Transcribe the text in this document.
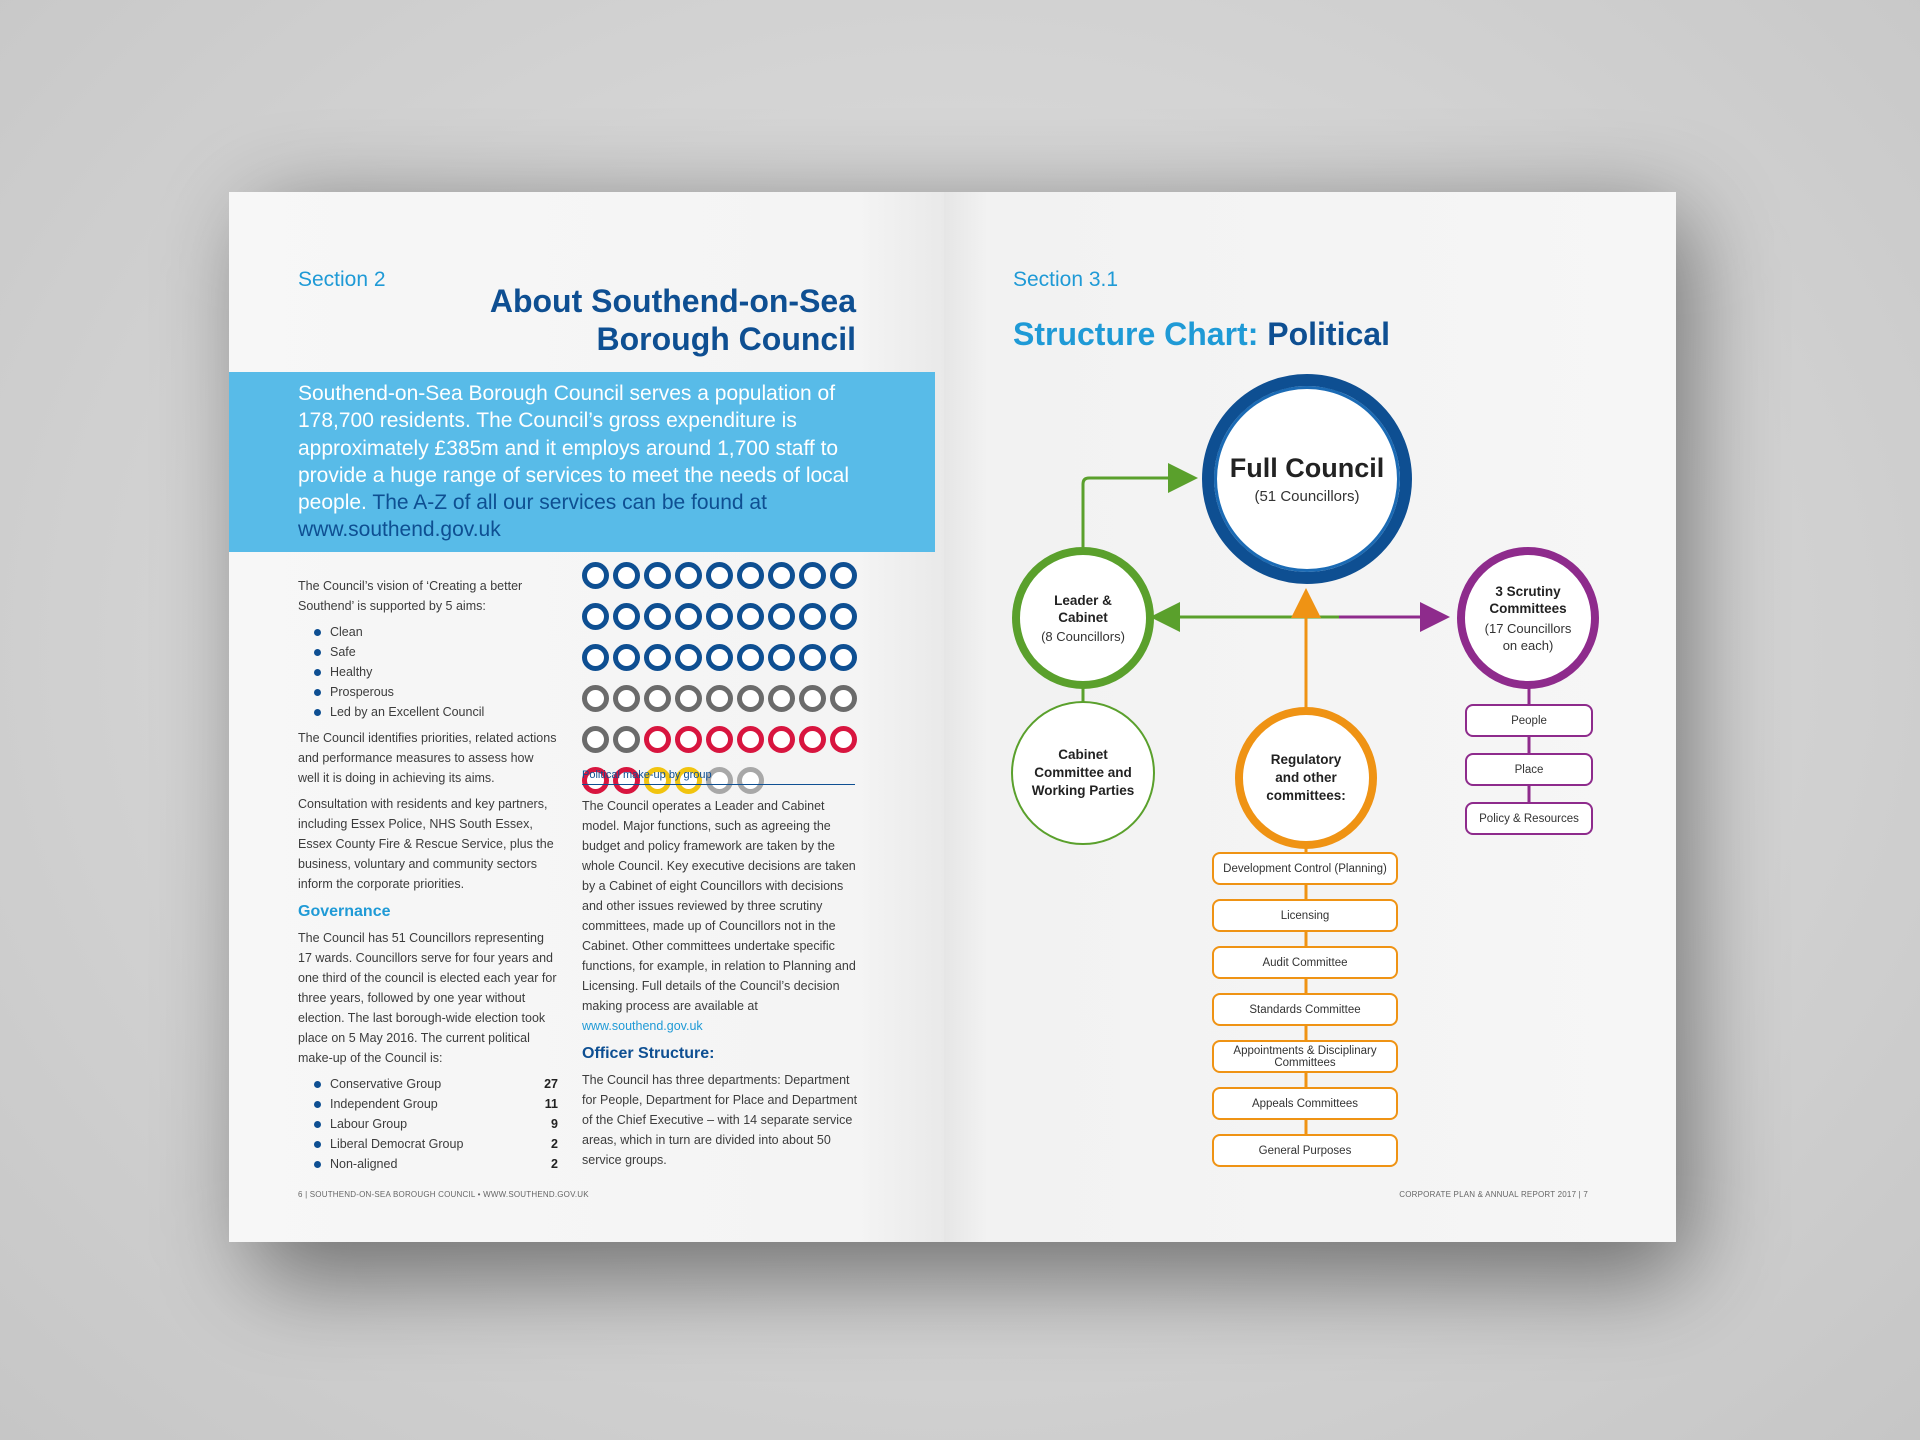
Section 2
About Southend-on-Sea
Borough Council
Southend-on-Sea Borough Council serves a population of 178,700 residents. The Council’s gross expenditure is approximately £385m and it employs around 1,700 staff to provide a huge range of services to meet the needs of local people. The A-Z of all our services can be found at www.southend.gov.uk

The Council’s vision of ‘Creating a better Southend’ is supported by 5 aims:

Clean
Safe
Healthy
Prosperous
Led by an Excellent Council

The Council identifies priorities, related actions and performance measures to assess how well it is doing in achieving its aims.

Consultation with residents and key partners, including Essex Police, NHS South Essex, Essex County Fire & Rescue Service, plus the business, voluntary and community sectors inform the corporate priorities.

Governance

The Council has 51 Councillors representing 17 wards. Councillors serve for four years and one third of the council is elected each year for three years, followed by one year without election. The last borough-wide election took place on 5 May 2016. The current political make-up of the Council is:

Conservative Group	27
Independent Group	11
Labour Group	9
Liberal Democrat Group	2
Non-aligned	2
Political make-up by group

The Council operates a Leader and Cabinet model. Major functions, such as agreeing the budget and policy framework are taken by the whole Council. Key executive decisions are taken by a Cabinet of eight Councillors with decisions and other issues reviewed by three scrutiny committees, made up of Councillors not in the Cabinet. Other committees undertake specific functions, for example, in relation to Planning and Licensing. Full details of the Council’s decision making process are available at www.southend.gov.uk

Officer Structure:

The Council has three departments: Department for People, Department for Place and Department of the Chief Executive – with 14 separate service areas, which in turn are divided into about 50 service groups.

6 | SOUTHEND-ON-SEA BOROUGH COUNCIL • WWW.SOUTHEND.GOV.UK
Section 3.1
Structure Chart: Political
Full Council
(51 Councillors)
Leader & Cabinet
(8 Councillors)
3 Scrutiny Committees
(17 Councillors on each)
Cabinet Committee and Working Parties
Regulatory and other committees:
Development Control (Planning)
Licensing
Audit Committee
Standards Committee
Appointments & Disciplinary Committees
Appeals Committees
General Purposes
People
Place
Policy & Resources
CORPORATE PLAN & ANNUAL REPORT 2017 | 7
